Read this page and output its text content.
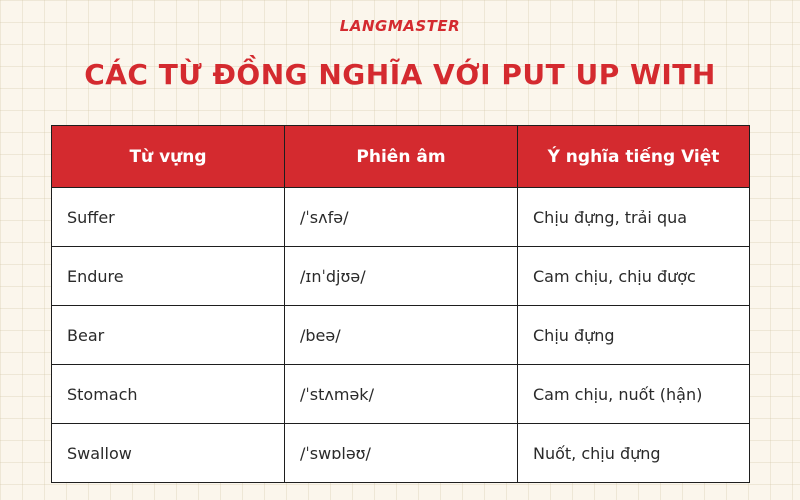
LANGMASTER
CÁC TỪ ĐỒNG NGHĨA VỚI PUT UP WITH
Từ vựng	Phiên âm	Ý nghĩa tiếng Việt
Suffer	/ˈsʌfə/	Chịu đựng, trải qua
Endure	/ɪnˈdjʊə/	Cam chịu, chịu được
Bear	/beə/	Chịu đựng
Stomach	/ˈstʌmək/	Cam chịu, nuốt (hận)
Swallow	/ˈswɒləʊ/	Nuốt, chịu đựng
